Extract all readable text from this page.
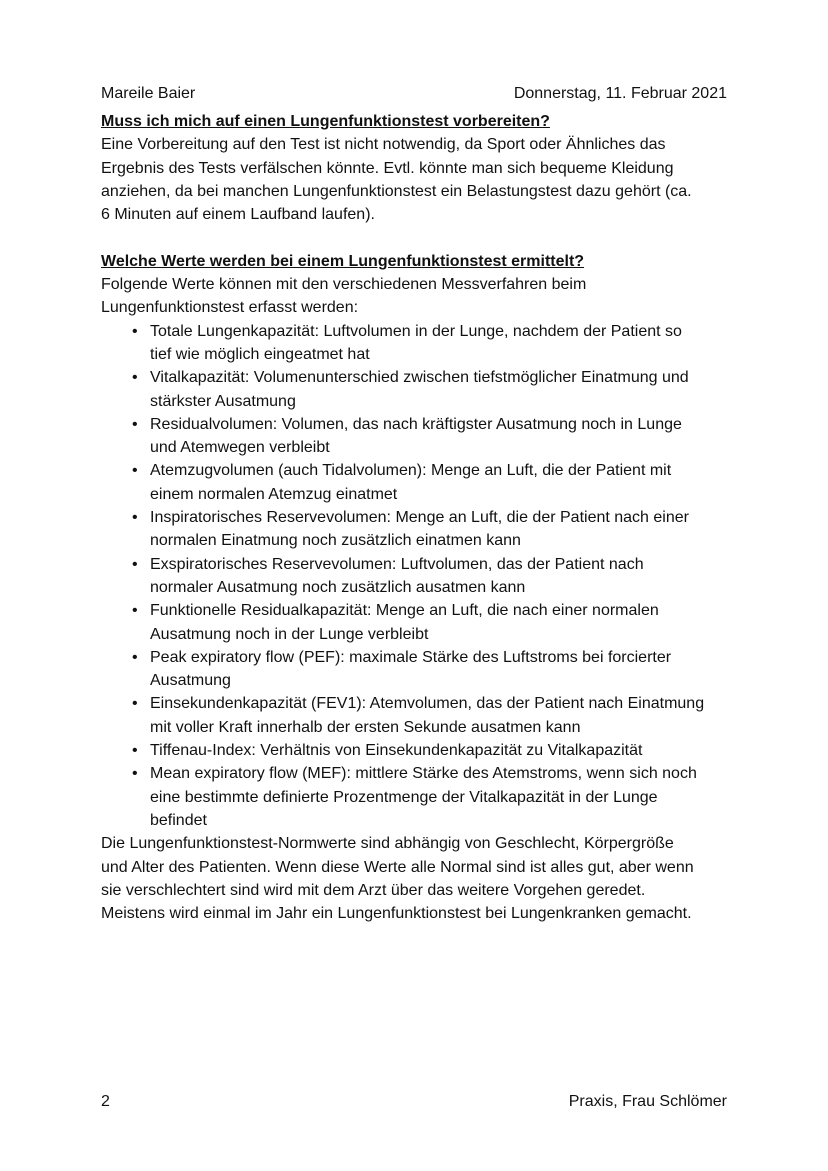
Mareile Baier	Donnerstag, 11. Februar 2021
Muss ich mich auf einen Lungenfunktionstest vorbereiten?
Eine Vorbereitung auf den Test ist nicht notwendig, da Sport oder Ähnliches das
Ergebnis des Tests verfälschen könnte. Evtl. könnte man sich bequeme Kleidung
anziehen, da bei manchen Lungenfunktionstest ein Belastungstest dazu gehört (ca.
6 Minuten auf einem Laufband laufen).
Welche Werte werden bei einem Lungenfunktionstest ermittelt?
Folgende Werte können mit den verschiedenen Messverfahren beim
Lungenfunktionstest erfasst werden:
• Totale Lungenkapazität: Luftvolumen in der Lunge, nachdem der Patient so
tief wie möglich eingeatmet hat
• Vitalkapazität: Volumenunterschied zwischen tiefstmöglicher Einatmung und
stärkster Ausatmung
• Residualvolumen: Volumen, das nach kräftigster Ausatmung noch in Lunge
und Atemwegen verbleibt
• Atemzugvolumen (auch Tidalvolumen): Menge an Luft, die der Patient mit
einem normalen Atemzug einatmet
• Inspiratorisches Reservevolumen: Menge an Luft, die der Patient nach einer
normalen Einatmung noch zusätzlich einatmen kann
• Exspiratorisches Reservevolumen: Luftvolumen, das der Patient nach
normaler Ausatmung noch zusätzlich ausatmen kann
• Funktionelle Residualkapazität: Menge an Luft, die nach einer normalen
Ausatmung noch in der Lunge verbleibt
• Peak expiratory flow (PEF): maximale Stärke des Luftstroms bei forcierter
Ausatmung
• Einsekundenkapazität (FEV1): Atemvolumen, das der Patient nach Einatmung
mit voller Kraft innerhalb der ersten Sekunde ausatmen kann
• Tiffenau-Index: Verhältnis von Einsekundenkapazität zu Vitalkapazität
• Mean expiratory flow (MEF): mittlere Stärke des Atemstroms, wenn sich noch
eine bestimmte definierte Prozentmenge der Vitalkapazität in der Lunge
befindet
Die Lungenfunktionstest-Normwerte sind abhängig von Geschlecht, Körpergröße
und Alter des Patienten. Wenn diese Werte alle Normal sind ist alles gut, aber wenn
sie verschlechtert sind wird mit dem Arzt über das weitere Vorgehen geredet.
Meistens wird einmal im Jahr ein Lungenfunktionstest bei Lungenkranken gemacht.
2	Praxis, Frau Schlömer
